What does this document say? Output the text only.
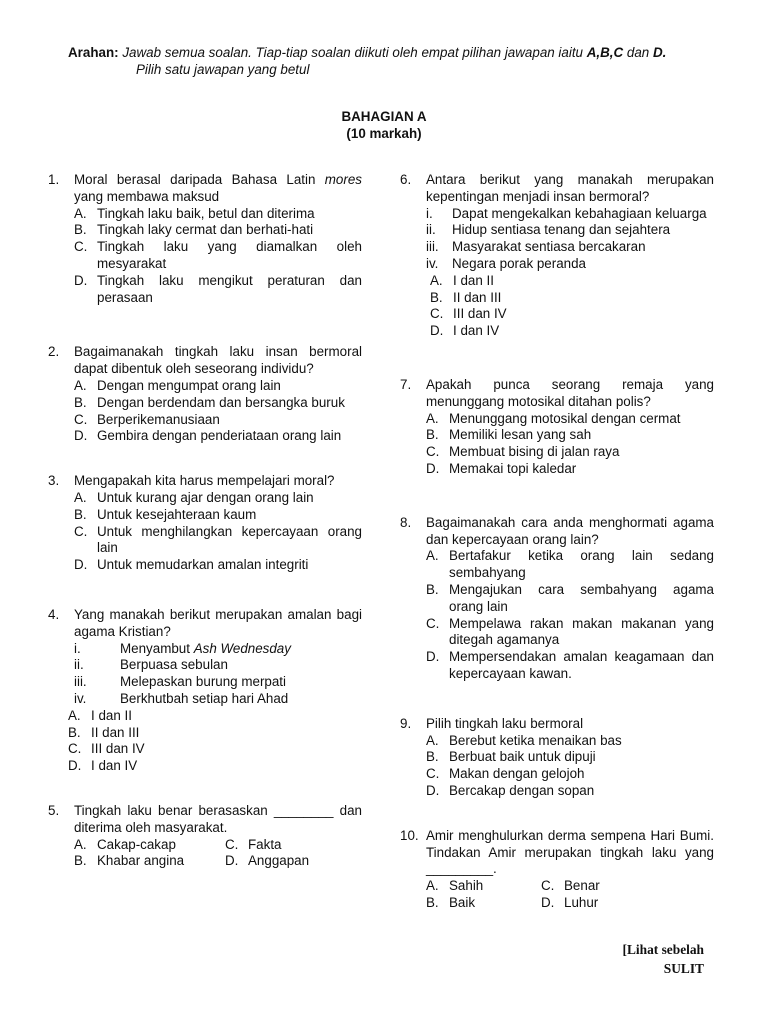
Arahan: Jawab semua soalan. Tiap-tiap soalan diikuti oleh empat pilihan jawapan iaitu A,B,C dan D.
Pilih satu jawapan yang betul
BAHAGIAN A
(10 markah)
1. Moral berasal daripada Bahasa Latin mores yang membawa maksud
A. Tingkah laku baik, betul dan diterima
B. Tingkah laky cermat dan berhati-hati
C. Tingkah laku yang diamalkan oleh mesyarakat
D. Tingkah laku mengikut peraturan dan perasaan
2. Bagaimanakah tingkah laku insan bermoral dapat dibentuk oleh seseorang individu?
A. Dengan mengumpat orang lain
B. Dengan berdendam dan bersangka buruk
C. Berperikemanusiaan
D. Gembira dengan penderiataan orang lain
3. Mengapakah kita harus mempelajari moral?
A. Untuk kurang ajar dengan orang lain
B. Untuk kesejahteraan kaum
C. Untuk menghilangkan kepercayaan orang lain
D. Untuk memudarkan amalan integriti
4. Yang manakah berikut merupakan amalan bagi agama Kristian?
i.	Menyambut Ash Wednesday
ii.	Berpuasa sebulan
iii. Melepaskan burung merpati
iv.	Berkhutbah setiap hari Ahad
A. I dan II
B. II dan III
C. III dan IV
D. I dan IV
5. Tingkah laku benar berasaskan ________ dan diterima oleh masyarakat.
A. Cakap-cakap	C. Fakta
B. Khabar angina	D. Anggapan
6. Antara berikut yang manakah merupakan kepentingan menjadi insan bermoral?
i. Dapat mengekalkan kebahagiaan keluarga
ii. Hidup sentiasa tenang dan sejahtera
iii. Masyarakat sentiasa bercakaran
iv. Negara porak peranda
A. I dan II
B. II dan III
C. III dan IV
D. I dan IV
7. Apakah punca seorang remaja yang menunggang motosikal ditahan polis?
A. Menunggang motosikal dengan cermat
B. Memiliki lesan yang sah
C. Membuat bising di jalan raya
D. Memakai topi kaledar
8. Bagaimanakah cara anda menghormati agama dan kepercayaan orang lain?
A. Bertafakur ketika orang lain sedang sembahyang
B. Mengajukan cara sembahyang agama orang lain
C. Mempelawa rakan makan makanan yang ditegah agamanya
D. Mempersendakan amalan keagamaan dan kepercayaan kawan.
9. Pilih tingkah laku bermoral
A. Berebut ketika menaikan bas
B. Berbuat baik untuk dipuji
C. Makan dengan gelojoh
D. Bercakap dengan sopan
10. Amir menghulurkan derma sempena Hari Bumi. Tindakan Amir merupakan tingkah laku yang _________.
A. Sahih	C. Benar
B. Baik	D. Luhur
[Lihat sebelah
SULIT
